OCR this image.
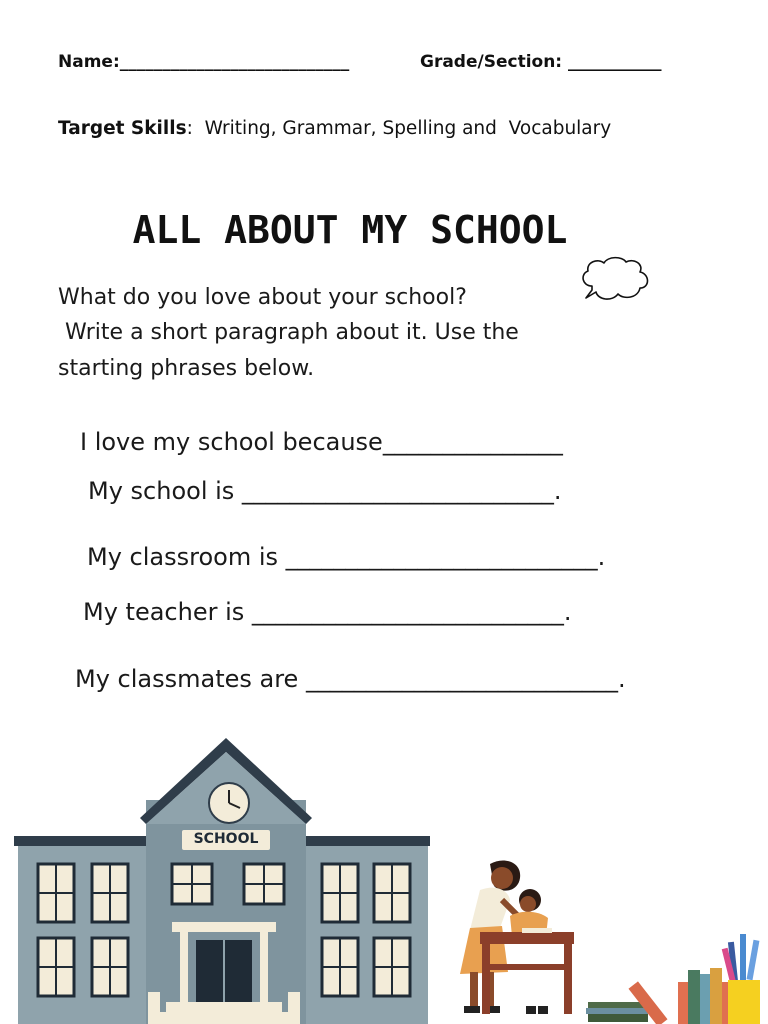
Name:___________________________	Grade/Section: ___________
Target Skills:  Writing, Grammar, Spelling and  Vocabulary
ALL ABOUT MY SCHOOL
What do you love about your school?
Write a short paragraph about it. Use the
starting phrases below.
I love my school because_______________
My school is __________________________.
My classroom is __________________________.
My teacher is __________________________.
My classmates are __________________________.
SCHOOL
